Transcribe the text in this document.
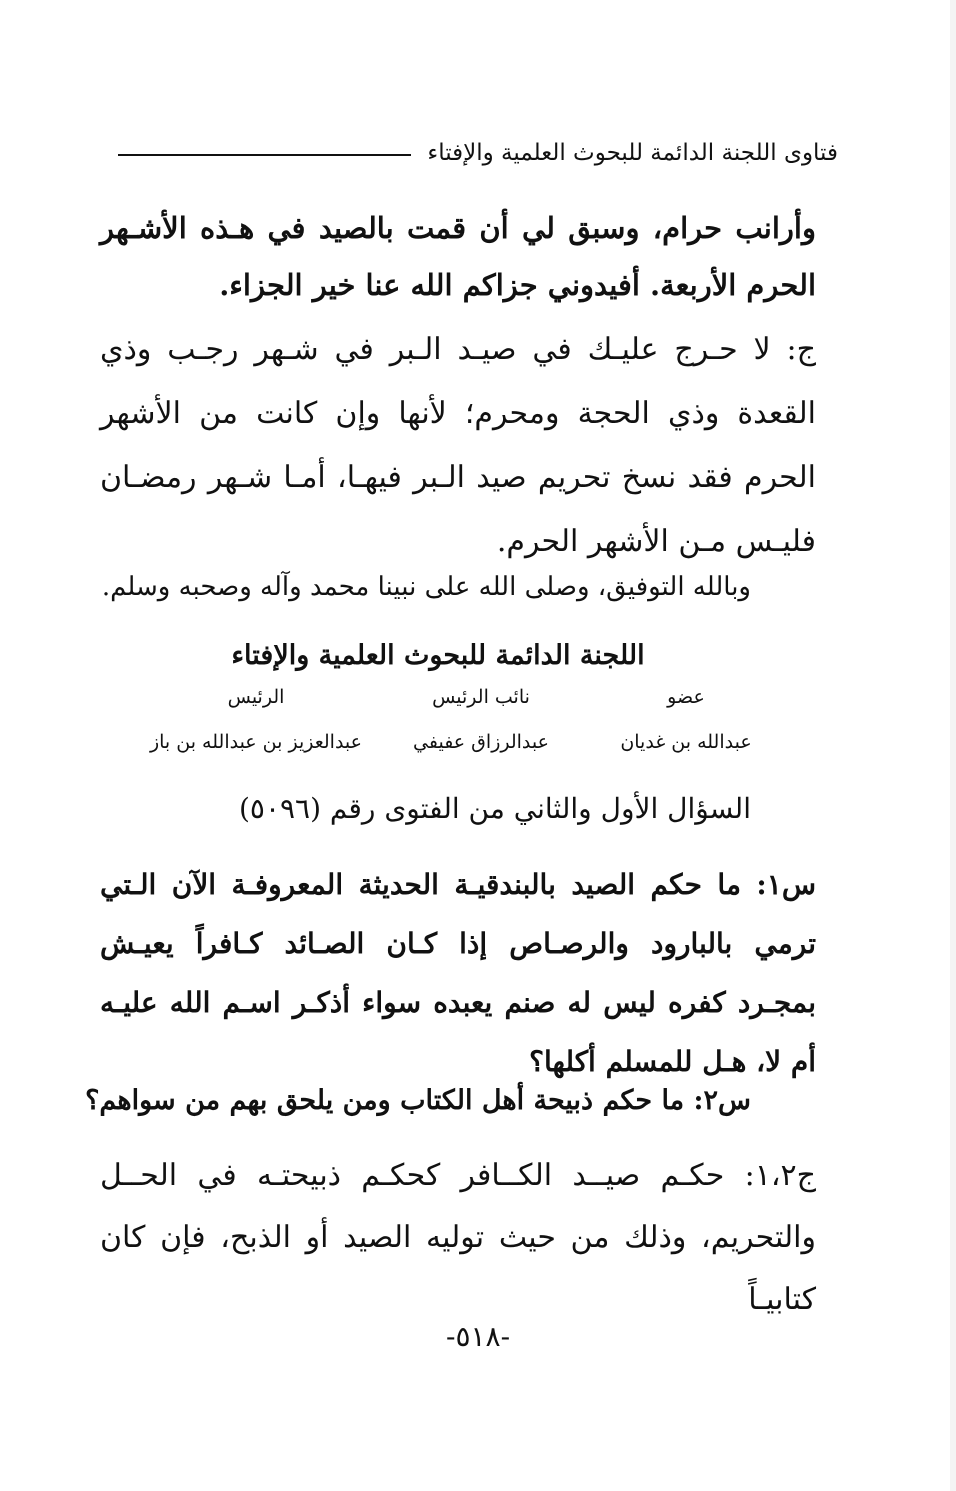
فتاوى اللجنة الدائمة للبحوث العلمية والإفتاء
وأرانب حرام، وسبق لي أن قمت بالصيد في هـذه الأشـهر الحرم الأربعة. أفيدوني جزاكم الله عنا خير الجزاء.
ج: لا حـرج عليـك في صيـد الـبر في شـهر رجـب وذي القعدة وذي الحجة ومحرم؛ لأنها وإن كانت من الأشهر الحرم فقد نسخ تحريم صيد الـبر فيهـا، أمـا شـهر رمضـان فليـس مـن الأشهر الحرم.
وبالله التوفيق، وصلى الله على نبينا محمد وآله وصحبه وسلم.
اللجنة الدائمة للبحوث العلمية والإفتاء
عضو
نائب الرئيس
الرئيس
عبدالله بن غديان
عبدالرزاق عفيفي
عبدالعزيز بن عبدالله بن باز
السؤال الأول والثاني من الفتوى رقم (٥٠٩٦)
س١: ما حكم الصيد بالبندقيـة الحديثة المعروفـة الآن الـتي ترمي بالبارود والرصـاص إذا كـان الصـائد كـافراً يعيـش بمجـرد كفره ليس له صنم يعبده سواء أذكـر اسـم الله عليـه أم لا، هـل للمسلم أكلها؟
س٢: ما حكم ذبيحة أهل الكتاب ومن يلحق بهم من سواهم؟
ج١،٢: حكـم صيــد الكــافر كحكـم ذبيحتـه في الحــل والتحريم، وذلك من حيث توليه الصيد أو الذبح، فإن كان كتابيـاً
-٥١٨-
